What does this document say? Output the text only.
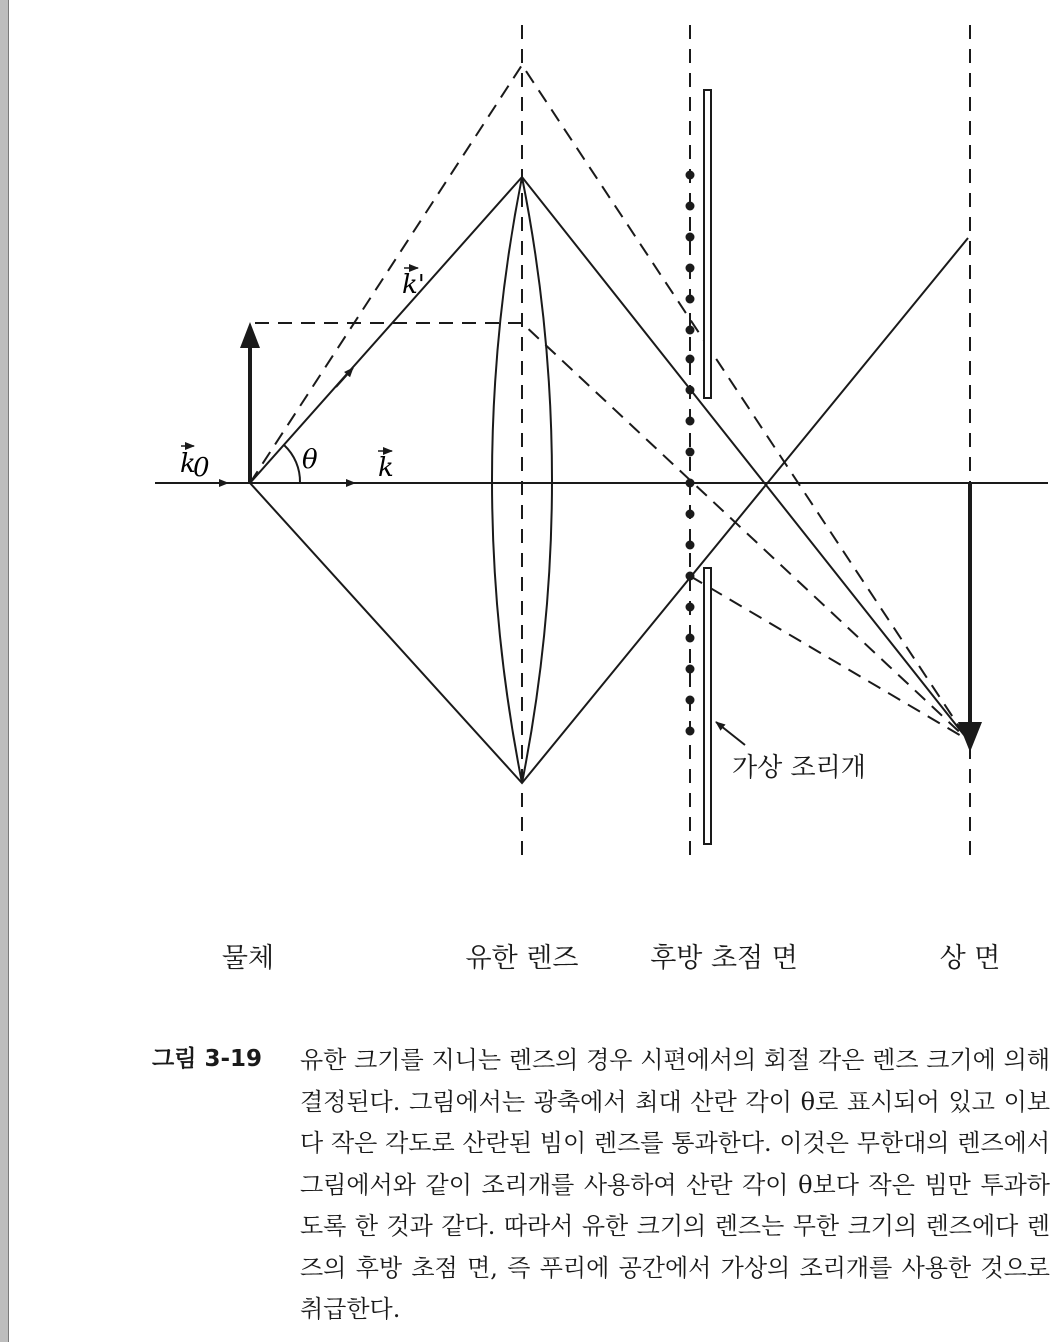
k
0
k'
k
θ
가상 조리개
물체	유한 렌즈	후방 초점 면	상 면
그림 3-19 유한 크기를 지니는 렌즈의 경우 시편에서의 회절 각은 렌즈 크기에 의해 결정된다. 그림에서는 광축에서 최대 산란 각이 θ로 표시되어 있고 이보다 작은 각도로 산란된 빔이 렌즈를 통과한다. 이것은 무한대의 렌즈에서 그림에서와 같이 조리개를 사용하여 산란 각이 θ보다 작은 빔만 투과하도록 한 것과 같다. 따라서 유한 크기의 렌즈는 무한 크기의 렌즈에다 렌즈의 후방 초점 면, 즉 푸리에 공간에서 가상의 조리개를 사용한 것으로 취급한다.
